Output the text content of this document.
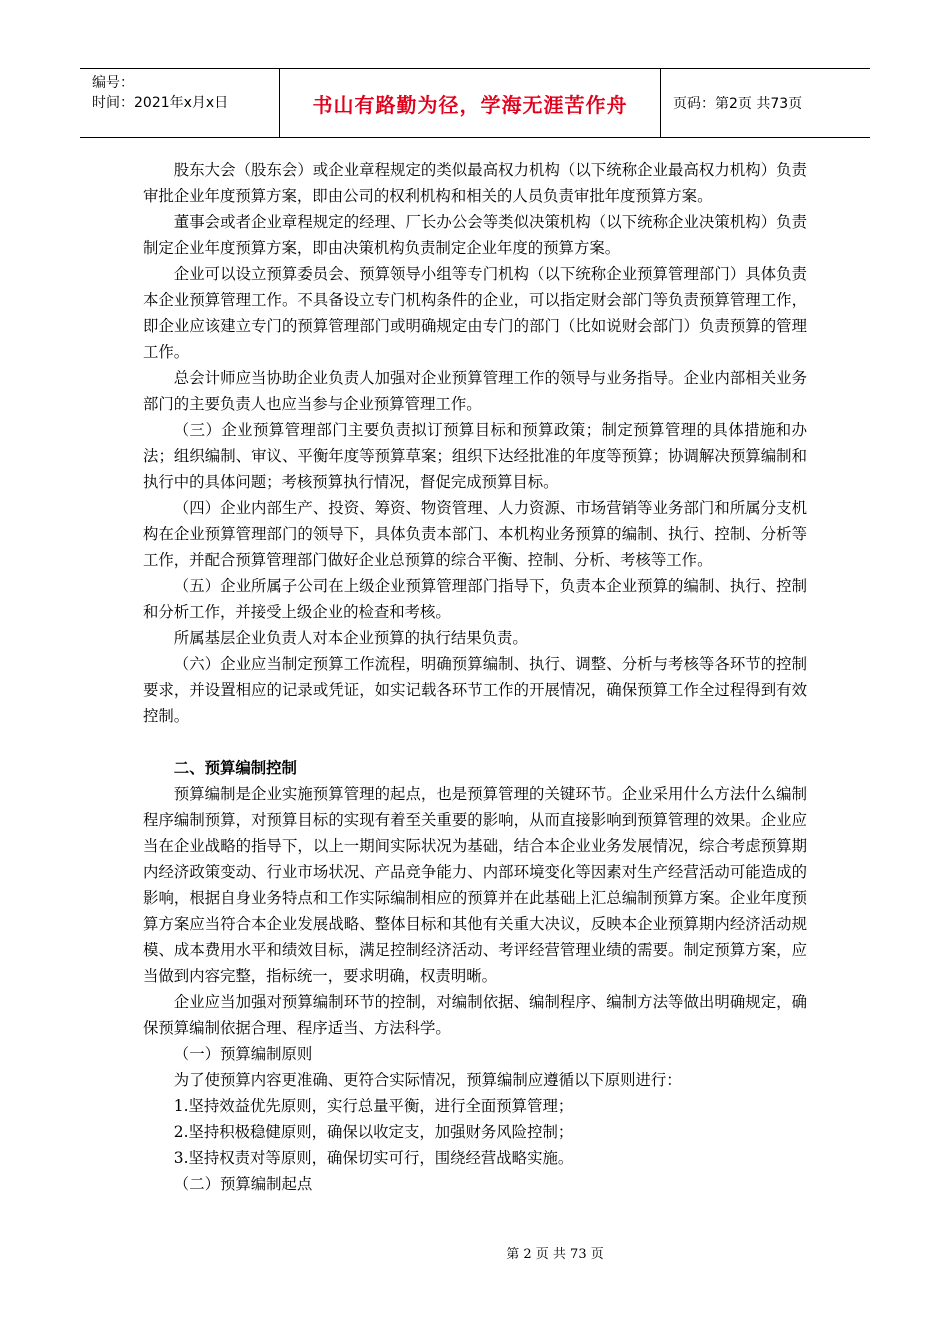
编号：
时间：2021年x月x日	书山有路勤为径，学海无涯苦作舟	页码：第2页 共73页

股东大会（股东会）或企业章程规定的类似最高权力机构（以下统称企业最高权力机构）负责审批企业年度预算方案，即由公司的权利机构和相关的人员负责审批年度预算方案。

董事会或者企业章程规定的经理、厂长办公会等类似决策机构（以下统称企业决策机构）负责制定企业年度预算方案，即由决策机构负责制定企业年度的预算方案。

企业可以设立预算委员会、预算领导小组等专门机构（以下统称企业预算管理部门）具体负责本企业预算管理工作。不具备设立专门机构条件的企业，可以指定财会部门等负责预算管理工作，即企业应该建立专门的预算管理部门或明确规定由专门的部门（比如说财会部门）负责预算的管理工作。

总会计师应当协助企业负责人加强对企业预算管理工作的领导与业务指导。企业内部相关业务部门的主要负责人也应当参与企业预算管理工作。

（三）企业预算管理部门主要负责拟订预算目标和预算政策；制定预算管理的具体措施和办法；组织编制、审议、平衡年度等预算草案；组织下达经批准的年度等预算；协调解决预算编制和执行中的具体问题；考核预算执行情况，督促完成预算目标。

（四）企业内部生产、投资、筹资、物资管理、人力资源、市场营销等业务部门和所属分支机构在企业预算管理部门的领导下，具体负责本部门、本机构业务预算的编制、执行、控制、分析等工作，并配合预算管理部门做好企业总预算的综合平衡、控制、分析、考核等工作。

（五）企业所属子公司在上级企业预算管理部门指导下，负责本企业预算的编制、执行、控制和分析工作，并接受上级企业的检查和考核。

所属基层企业负责人对本企业预算的执行结果负责。

（六）企业应当制定预算工作流程，明确预算编制、执行、调整、分析与考核等各环节的控制要求，并设置相应的记录或凭证，如实记载各环节工作的开展情况，确保预算工作全过程得到有效控制。

二、预算编制控制

预算编制是企业实施预算管理的起点，也是预算管理的关键环节。企业采用什么方法什么编制程序编制预算，对预算目标的实现有着至关重要的影响，从而直接影响到预算管理的效果。企业应当在企业战略的指导下，以上一期间实际状况为基础，结合本企业业务发展情况，综合考虑预算期内经济政策变动、行业市场状况、产品竞争能力、内部环境变化等因素对生产经营活动可能造成的影响，根据自身业务特点和工作实际编制相应的预算并在此基础上汇总编制预算方案。企业年度预算方案应当符合本企业发展战略、整体目标和其他有关重大决议，反映本企业预算期内经济活动规模、成本费用水平和绩效目标，满足控制经济活动、考评经营管理业绩的需要。制定预算方案，应当做到内容完整，指标统一，要求明确，权责明晰。

企业应当加强对预算编制环节的控制，对编制依据、编制程序、编制方法等做出明确规定，确保预算编制依据合理、程序适当、方法科学。

（一）预算编制原则

为了使预算内容更准确、更符合实际情况，预算编制应遵循以下原则进行：

1.坚持效益优先原则，实行总量平衡，进行全面预算管理；

2.坚持积极稳健原则，确保以收定支，加强财务风险控制；

3.坚持权责对等原则，确保切实可行，围绕经营战略实施。

（二）预算编制起点

第 2 页 共 73 页
